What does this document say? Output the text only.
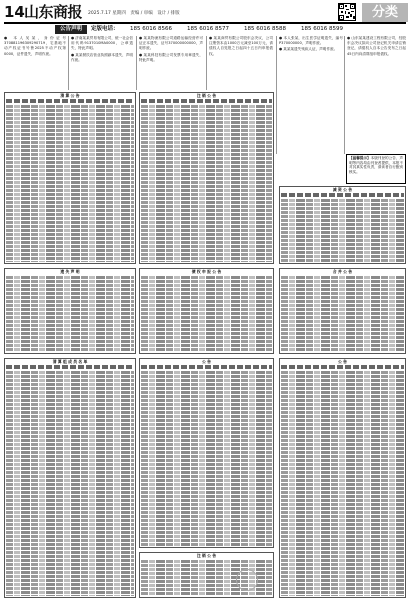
14 山东商报 2025.7.17 星期四　责编 / 审编　设计 / 排版	分类
公告声明	定版电话： 185 6016 8566	185 6016 8577	185 6016 8588	185 6016 8599

● 本人吴某，身份证号370881196309290719，宅基地不动产权证书号鲁2025不动产权第0000，证件遗失，声明作废。

● 济南某某贸易有限公司，统一社会信用代码9137010MA0000，公章遗失，特此声明。

● 某某餐饮店营业执照副本遗失，声明作废。

● 某某物流有限公司道路运输经营许可证正本遗失，证号370000000000，声明作废。

● 某某科技有限公司发票专用章遗失，特此声明。

● 某某商贸有限公司股东会决议，公司注册资本由1000万元减至100万元，请债权人自见报之日起四十五日内申报债权。

● 本人张某，出生医学证明遗失，编号P370000000，声明作废。

● 某某某遗失残疾人证，声明作废。

● 山东某某建设工程有限公司，经股东会决议拟向公司登记机关申请注销登记，请债权人自本公告发布之日起45日内向清算组申报债权。

【温馨提示】本版刊登的公告、声明等内容均由刊登者提供，本报不对其真实性负责，请读者自行甄别核实。
清 算 公 告	注 销 公 告
减 资 公 告
遗 失 声 明	债 权 申 报 公 告	合 并 公 告
清 算 组 成 员 名 单	公 告
注 销 公 告
公 告
